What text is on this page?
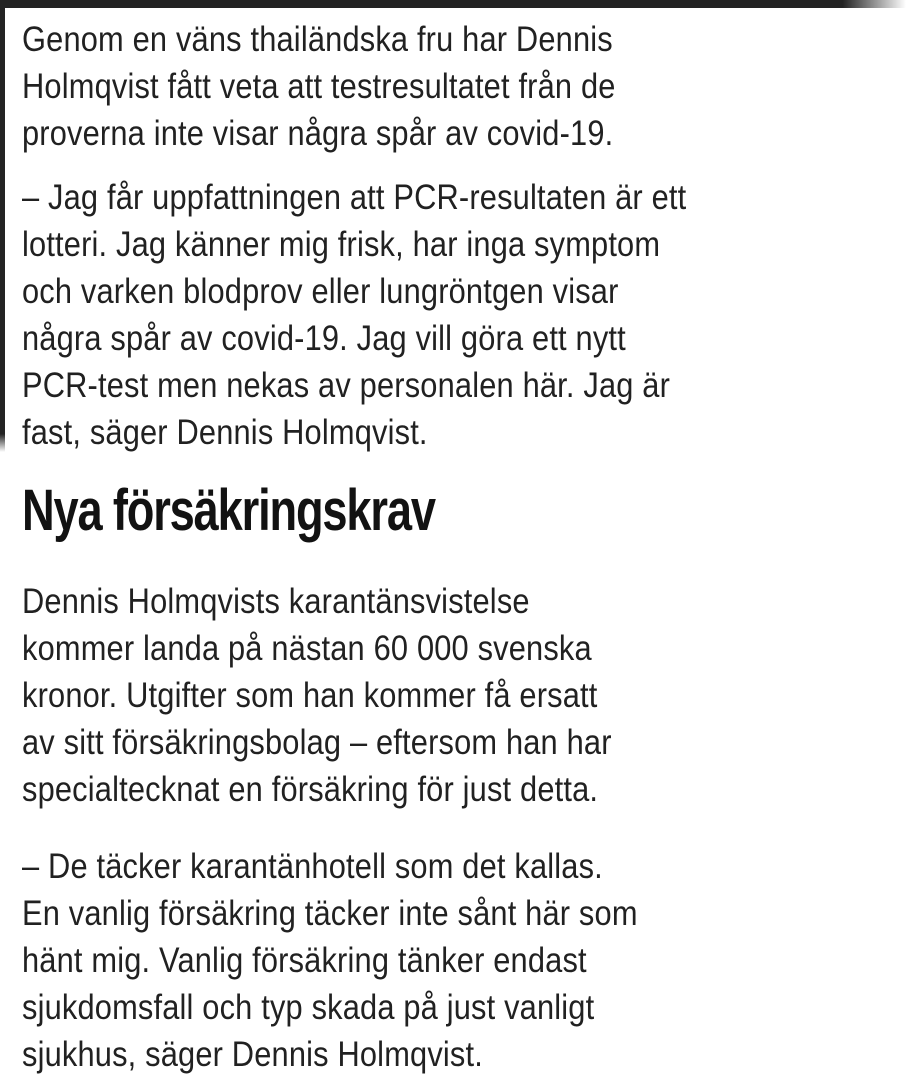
Genom en väns thailändska fru har Dennis
Holmqvist fått veta att testresultatet från de
proverna inte visar några spår av covid-19.
– Jag får uppfattningen att PCR-resultaten är ett
lotteri. Jag känner mig frisk, har inga symptom
och varken blodprov eller lungröntgen visar
några spår av covid-19. Jag vill göra ett nytt
PCR-test men nekas av personalen här. Jag är
fast, säger Dennis Holmqvist.
Nya försäkringskrav
Dennis Holmqvists karantänsvistelse
kommer landa på nästan 60 000 svenska
kronor. Utgifter som han kommer få ersatt
av sitt försäkringsbolag – eftersom han har
specialtecknat en försäkring för just detta.
– De täcker karantänhotell som det kallas.
En vanlig försäkring täcker inte sånt här som
hänt mig. Vanlig försäkring tänker endast
sjukdomsfall och typ skada på just vanligt
sjukhus, säger Dennis Holmqvist.
